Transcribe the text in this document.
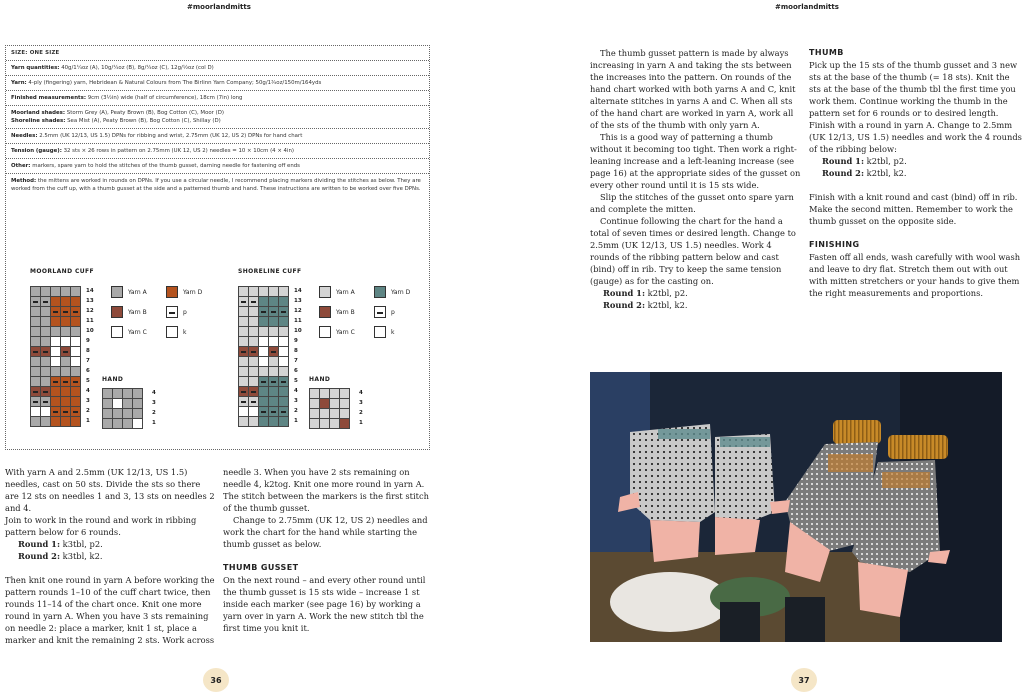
#moorlandmitts
SIZE: ONE SIZE
Yarn quantities: 40g/1¼oz (A), 10g/¼oz (B), 8g/¼oz (C), 12g/½oz (col D)
Yarn: 4-ply (fingering) yarn, Hebridean & Natural Colours from The Birlinn Yarn Company; 50g/1¾oz/150m/164yds
Finished measurements: 9cm (3½in) wide (half of circumference), 18cm (7in) long
Moorland shades: Storm Grey (A), Peaty Brown (B), Bog Cotton (C), Moor (D)
Shoreline shades: Sea Mist (A), Peaty Brown (B), Bog Cotton (C), Shillay (D)
Needles: 2.5mm (UK 12/13, US 1.5) DPNs for ribbing and wrist, 2.75mm (UK 12, US 2) DPNs for hand chart
Tension (gauge): 32 sts × 26 rows in pattern on 2.75mm (UK 12, US 2) needles = 10 × 10cm (4 × 4in)
Other: markers, spare yarn to hold the stitches of the thumb gusset, darning needle for fastening off ends
Method: the mittens are worked in rounds on DPNs. If you use a circular needle, I recommend placing markers dividing the stitches as below. They are worked from the cuff up, with a thumb gusset at the side and a patterned thumb and hand. These instructions are written to be worked over five DPNs.
MOORLAND CUFF
14
13
12
11
10
9
8
7
6
5
4
3
2
1
Yarn A	Yarn D
Yarn B	p
Yarn C	k
HAND
4
3
2
1
SHORELINE CUFF
14
13
12
11
10
9
8
7
6
5
4
3
2
1
Yarn A	Yarn D
Yarn B	p
Yarn C	k
HAND
4
3
2
1

With yarn A and 2.5mm (UK 12/13, US 1.5) needles, cast on 50 sts. Divide the sts so there are 12 sts on needles 1 and 3, 13 sts on needles 2 and 4.

Join to work in the round and work in ribbing pattern below for 6 rounds.

Round 1: k3tbl, p2.

Round 2: k3tbl, k2.

Then knit one round in yarn A before working the pattern rounds 1–10 of the cuff chart twice, then rounds 11–14 of the chart once. Knit one more round in yarn A. When you have 3 sts remaining on needle 2: place a marker, knit 1 st, place a marker and knit the remaining 2 sts. Work across

needle 3. When you have 2 sts remaining on needle 4, k2tog. Knit one more round in yarn A. The stitch between the markers is the first stitch of the thumb gusset.

Change to 2.75mm (UK 12, US 2) needles and work the chart for the hand while starting the thumb gusset as below.

THUMB GUSSET

On the next round – and every other round until the thumb gusset is 15 sts wide – increase 1 st inside each marker (see page 16) by working a yarn over in yarn A. Work the new stitch tbl the first time you knit it.

36
#moorlandmitts

The thumb gusset pattern is made by always increasing in yarn A and taking the sts between the increases into the pattern. On rounds of the hand chart worked with both yarns A and C, knit alternate stitches in yarns A and C. When all sts of the hand chart are worked in yarn A, work all of the sts of the thumb with only yarn A.

This is a good way of patterning a thumb without it becoming too tight. Then work a right-leaning increase and a left-leaning increase (see page 16) at the appropriate sides of the gusset on every other round until it is 15 sts wide.

Slip the stitches of the gusset onto spare yarn and complete the mitten.

Continue following the chart for the hand a total of seven times or desired length. Change to 2.5mm (UK 12/13, US 1.5) needles. Work 4 rounds of the ribbing pattern below and cast (bind) off in rib. Try to keep the same tension (gauge) as for the casting on.

Round 1: k2tbl, p2.

Round 2: k2tbl, k2.

THUMB

Pick up the 15 sts of the thumb gusset and 3 new sts at the base of the thumb (= 18 sts). Knit the sts at the base of the thumb tbl the first time you work them. Continue working the thumb in the pattern set for 6 rounds or to desired length. Finish with a round in yarn A. Change to 2.5mm (UK 12/13, US 1.5) needles and work the 4 rounds of the ribbing below:

Round 1: k2tbl, p2.

Round 2: k2tbl, k2.

Finish with a knit round and cast (bind) off in rib. Make the second mitten. Remember to work the thumb gusset on the opposite side.

FINISHING

Fasten off all ends, wash carefully with wool wash and leave to dry flat. Stretch them out with out with mitten stretchers or your hands to give them the right measurements and proportions.

37
